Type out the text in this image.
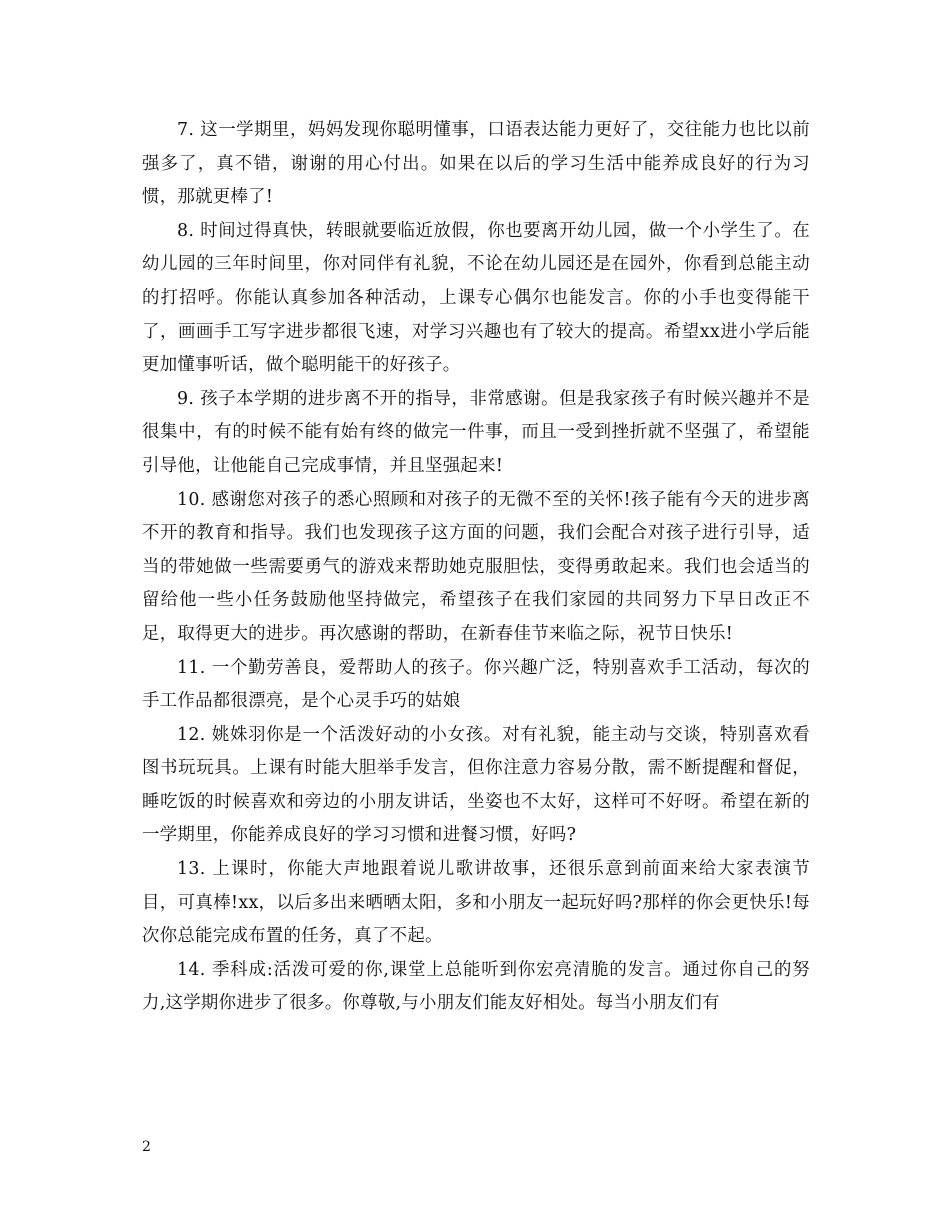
7. 这一学期里，妈妈发现你聪明懂事，口语表达能力更好了，交往能力也比以前强多了，真不错，谢谢的用心付出。如果在以后的学习生活中能养成良好的行为习惯，那就更棒了!

8. 时间过得真快，转眼就要临近放假，你也要离开幼儿园，做一个小学生了。在幼儿园的三年时间里，你对同伴有礼貌，不论在幼儿园还是在园外，你看到总能主动的打招呼。你能认真参加各种活动，上课专心偶尔也能发言。你的小手也变得能干了，画画手工写字进步都很飞速，对学习兴趣也有了较大的提高。希望xx进小学后能更加懂事听话，做个聪明能干的好孩子。

9. 孩子本学期的进步离不开的指导，非常感谢。但是我家孩子有时候兴趣并不是很集中，有的时候不能有始有终的做完一件事，而且一受到挫折就不坚强了，希望能引导他，让他能自己完成事情，并且坚强起来!

10. 感谢您对孩子的悉心照顾和对孩子的无微不至的关怀!孩子能有今天的进步离不开的教育和指导。我们也发现孩子这方面的问题，我们会配合对孩子进行引导，适当的带她做一些需要勇气的游戏来帮助她克服胆怯，变得勇敢起来。我们也会适当的留给他一些小任务鼓励他坚持做完，希望孩子在我们家园的共同努力下早日改正不足，取得更大的进步。再次感谢的帮助，在新春佳节来临之际，祝节日快乐!

11. 一个勤劳善良，爱帮助人的孩子。你兴趣广泛，特别喜欢手工活动，每次的手工作品都很漂亮，是个心灵手巧的姑娘

12. 姚姝羽你是一个活泼好动的小女孩。对有礼貌，能主动与交谈，特别喜欢看图书玩玩具。上课有时能大胆举手发言，但你注意力容易分散，需不断提醒和督促，睡吃饭的时候喜欢和旁边的小朋友讲话，坐姿也不太好，这样可不好呀。希望在新的一学期里，你能养成良好的学习习惯和进餐习惯，好吗?

13. 上课时，你能大声地跟着说儿歌讲故事，还很乐意到前面来给大家表演节目，可真棒!xx，以后多出来晒晒太阳，多和小朋友一起玩好吗?那样的你会更快乐!每次你总能完成布置的任务，真了不起。

14. 季科成:活泼可爱的你,课堂上总能听到你宏亮清脆的发言。通过你自己的努力,这学期你进步了很多。你尊敬,与小朋友们能友好相处。每当小朋友们有

2
